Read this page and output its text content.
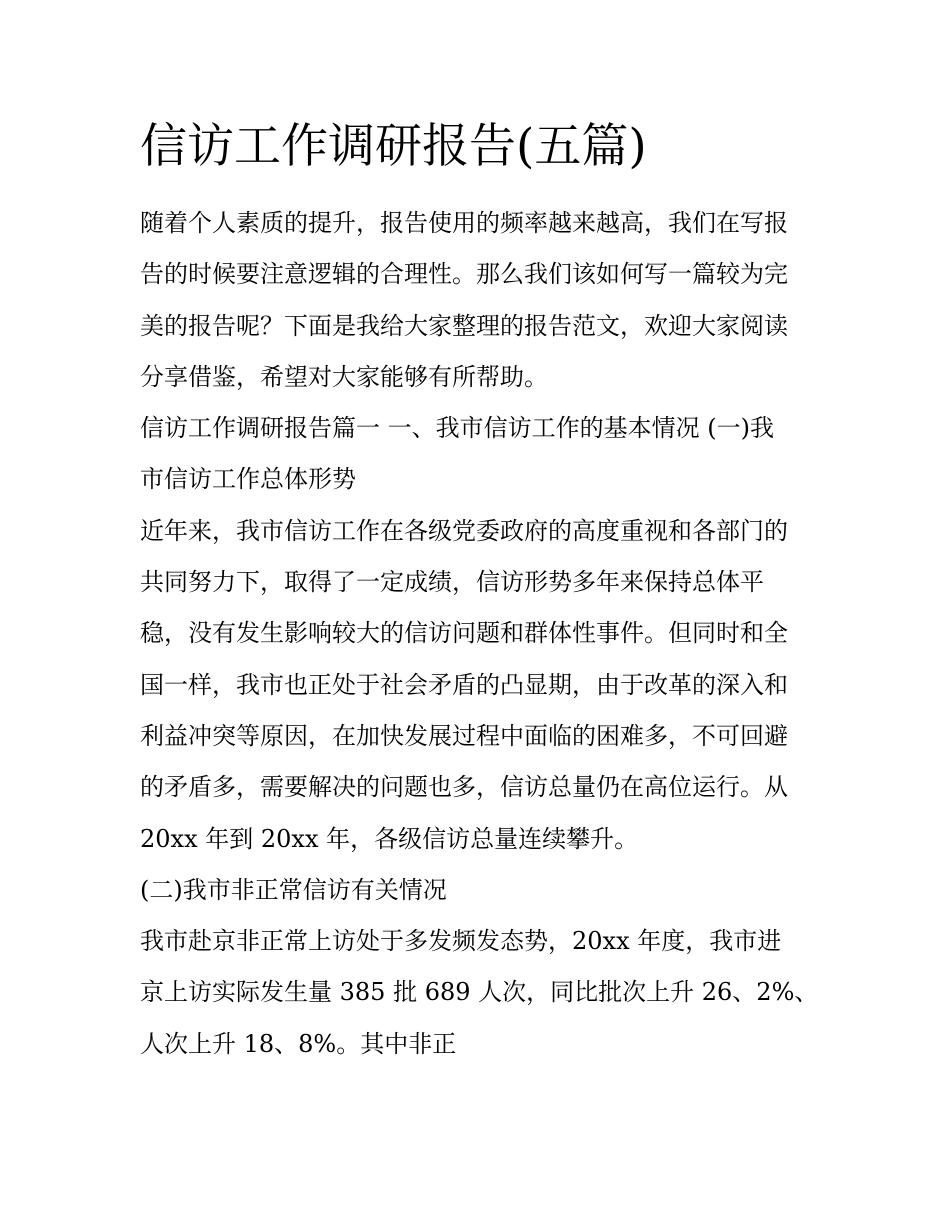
信访工作调研报告(五篇)

随着个人素质的提升，报告使用的频率越来越高，我们在写报
告的时候要注意逻辑的合理性。那么我们该如何写一篇较为完
美的报告呢？下面是我给大家整理的报告范文，欢迎大家阅读
分享借鉴，希望对大家能够有所帮助。

信访工作调研报告篇一 一、我市信访工作的基本情况 (一)我
市信访工作总体形势

近年来，我市信访工作在各级党委政府的高度重视和各部门的
共同努力下，取得了一定成绩，信访形势多年来保持总体平
稳，没有发生影响较大的信访问题和群体性事件。但同时和全
国一样，我市也正处于社会矛盾的凸显期，由于改革的深入和
利益冲突等原因，在加快发展过程中面临的困难多，不可回避
的矛盾多，需要解决的问题也多，信访总量仍在高位运行。从
20xx 年到 20xx 年，各级信访总量连续攀升。

(二)我市非正常信访有关情况

我市赴京非正常上访处于多发频发态势，20xx 年度，我市进
京上访实际发生量 385 批 689 人次，同比批次上升 26、2%、
人次上升 18、8%。其中非正
